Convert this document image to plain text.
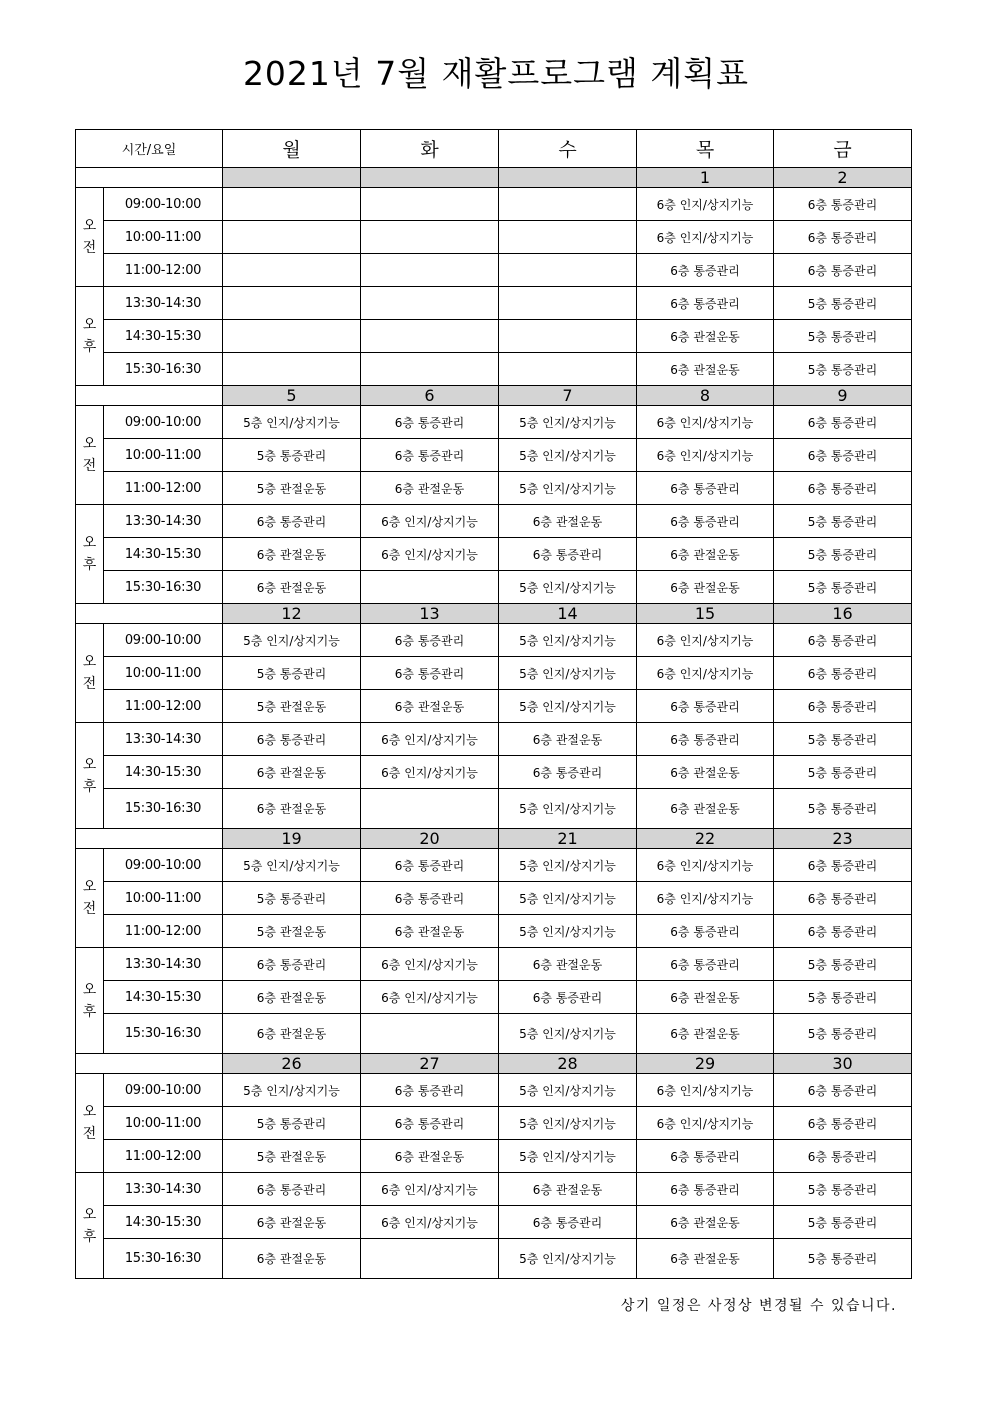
2021년 7월 재활프로그램 계획표
시간/요일		월	화	수	목	금
					1	2
오
전	09:00-10:00				6층 인지/상지기능	6층 통증관리
	10:00-11:00				6층 인지/상지기능	6층 통증관리
	11:00-12:00				6층 통증관리	6층 통증관리
오
후	13:30-14:30				6층 통증관리	5층 통증관리
	14:30-15:30				6층 관절운동	5층 통증관리
	15:30-16:30				6층 관절운동	5층 통증관리
		5	6	7	8	9
오
전	09:00-10:00	5층 인지/상지기능	6층 통증관리	5층 인지/상지기능	6층 인지/상지기능	6층 통증관리
	10:00-11:00	5층 통증관리	6층 통증관리	5층 인지/상지기능	6층 인지/상지기능	6층 통증관리
	11:00-12:00	5층 관절운동	6층 관절운동	5층 인지/상지기능	6층 통증관리	6층 통증관리
오
후	13:30-14:30	6층 통증관리	6층 인지/상지기능	6층 관절운동	6층 통증관리	5층 통증관리
	14:30-15:30	6층 관절운동	6층 인지/상지기능	6층 통증관리	6층 관절운동	5층 통증관리
	15:30-16:30	6층 관절운동		5층 인지/상지기능	6층 관절운동	5층 통증관리
		12	13	14	15	16
오
전	09:00-10:00	5층 인지/상지기능	6층 통증관리	5층 인지/상지기능	6층 인지/상지기능	6층 통증관리
	10:00-11:00	5층 통증관리	6층 통증관리	5층 인지/상지기능	6층 인지/상지기능	6층 통증관리
	11:00-12:00	5층 관절운동	6층 관절운동	5층 인지/상지기능	6층 통증관리	6층 통증관리
오
후	13:30-14:30	6층 통증관리	6층 인지/상지기능	6층 관절운동	6층 통증관리	5층 통증관리
	14:30-15:30	6층 관절운동	6층 인지/상지기능	6층 통증관리	6층 관절운동	5층 통증관리
	15:30-16:30	6층 관절운동		5층 인지/상지기능	6층 관절운동	5층 통증관리
		19	20	21	22	23
오
전	09:00-10:00	5층 인지/상지기능	6층 통증관리	5층 인지/상지기능	6층 인지/상지기능	6층 통증관리
	10:00-11:00	5층 통증관리	6층 통증관리	5층 인지/상지기능	6층 인지/상지기능	6층 통증관리
	11:00-12:00	5층 관절운동	6층 관절운동	5층 인지/상지기능	6층 통증관리	6층 통증관리
오
후	13:30-14:30	6층 통증관리	6층 인지/상지기능	6층 관절운동	6층 통증관리	5층 통증관리
	14:30-15:30	6층 관절운동	6층 인지/상지기능	6층 통증관리	6층 관절운동	5층 통증관리
	15:30-16:30	6층 관절운동		5층 인지/상지기능	6층 관절운동	5층 통증관리
		26	27	28	29	30
오
전	09:00-10:00	5층 인지/상지기능	6층 통증관리	5층 인지/상지기능	6층 인지/상지기능	6층 통증관리
	10:00-11:00	5층 통증관리	6층 통증관리	5층 인지/상지기능	6층 인지/상지기능	6층 통증관리
	11:00-12:00	5층 관절운동	6층 관절운동	5층 인지/상지기능	6층 통증관리	6층 통증관리
오
후	13:30-14:30	6층 통증관리	6층 인지/상지기능	6층 관절운동	6층 통증관리	5층 통증관리
	14:30-15:30	6층 관절운동	6층 인지/상지기능	6층 통증관리	6층 관절운동	5층 통증관리
	15:30-16:30	6층 관절운동		5층 인지/상지기능	6층 관절운동	5층 통증관리
상기 일정은 사정상 변경될 수 있습니다.
